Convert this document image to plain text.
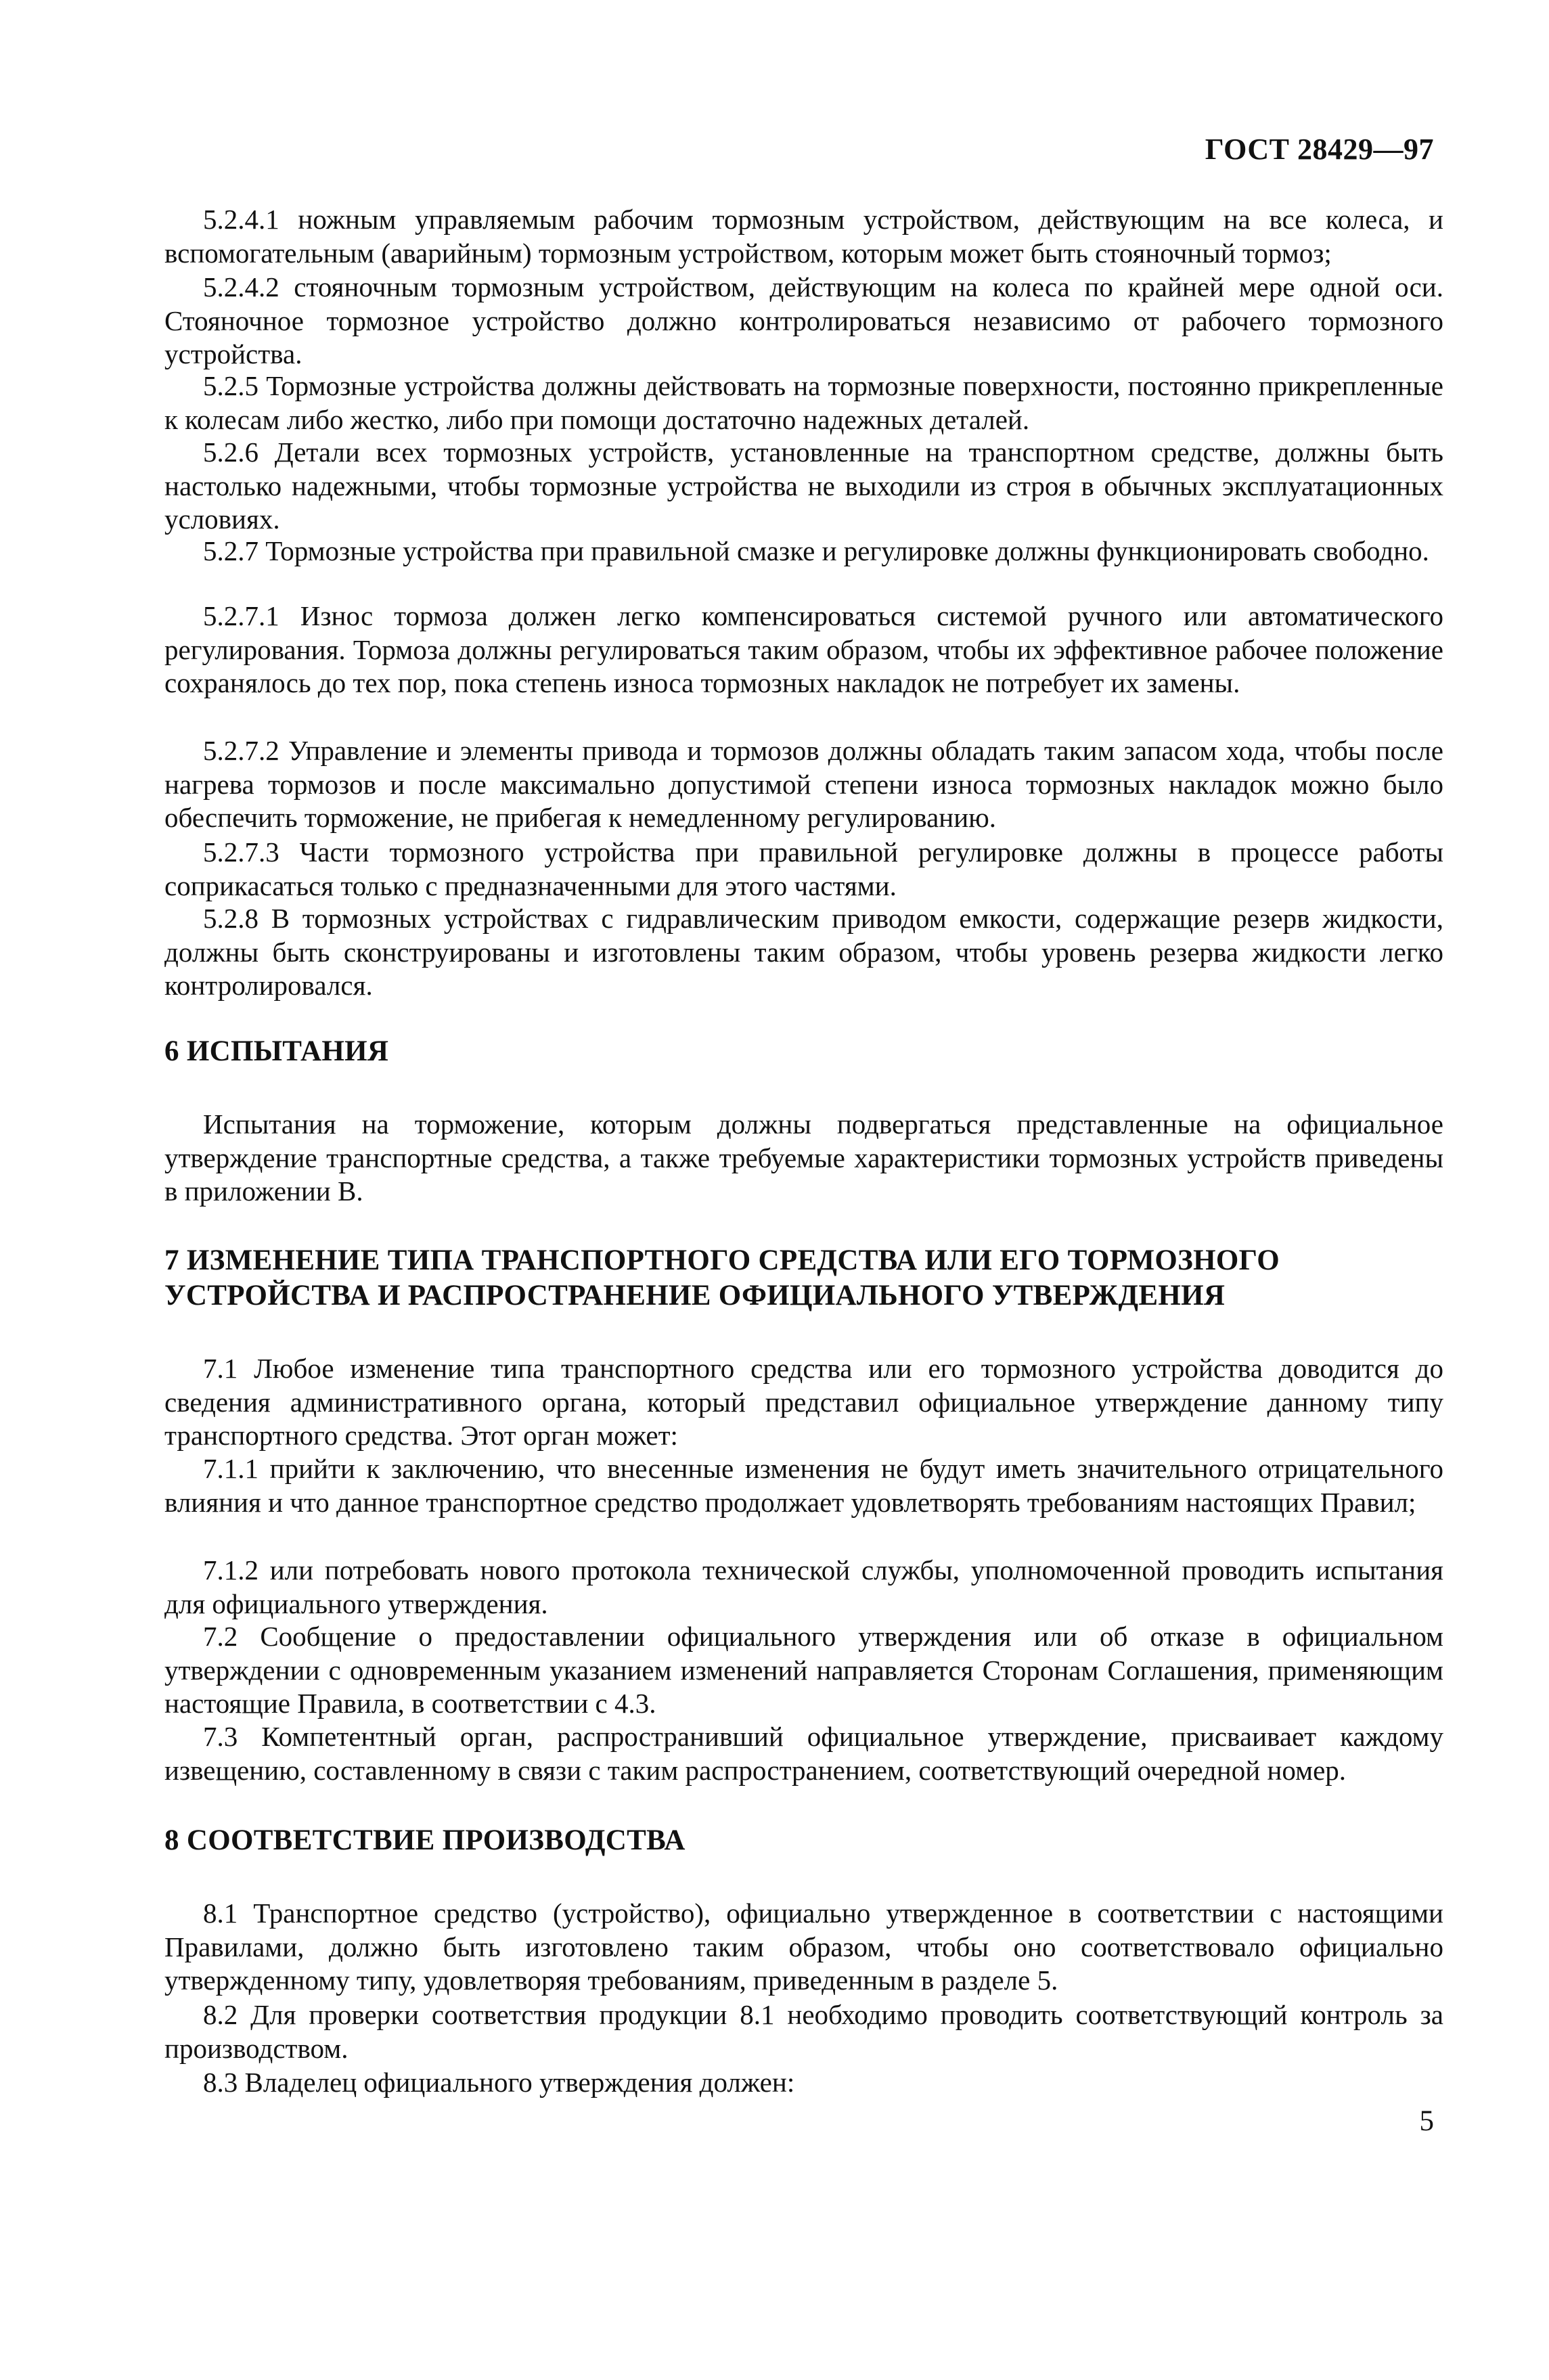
ГОСТ 28429—97
5.2.4.1 ножным управляемым рабочим тормозным устройством, действующим на все колеса, и вспомогательным (аварийным) тормозным устройством, которым может быть стояночный тормоз;
5.2.4.2 стояночным тормозным устройством, действующим на колеса по крайней мере одной оси. Стояночное тормозное устройство должно контролироваться независимо от рабочего тормозного устройства.
5.2.5 Тормозные устройства должны действовать на тормозные поверхности, постоянно прикрепленные к колесам либо жестко, либо при помощи достаточно надежных деталей.
5.2.6 Детали всех тормозных устройств, установленные на транспортном средстве, должны быть настолько надежными, чтобы тормозные устройства не выходили из строя в обычных эксплуатационных условиях.
5.2.7 Тормозные устройства при правильной смазке и регулировке должны функционировать свободно.
5.2.7.1 Износ тормоза должен легко компенсироваться системой ручного или автоматического регулирования. Тормоза должны регулироваться таким образом, чтобы их эффективное рабочее положение сохранялось до тех пор, пока степень износа тормозных накладок не потребует их замены.
5.2.7.2 Управление и элементы привода и тормозов должны обладать таким запасом хода, чтобы после нагрева тормозов и после максимально допустимой степени износа тормозных накладок можно было обеспечить торможение, не прибегая к немедленному регулированию.
5.2.7.3 Части тормозного устройства при правильной регулировке должны в процессе работы соприкасаться только с предназначенными для этого частями.
5.2.8 В тормозных устройствах с гидравлическим приводом емкости, содержащие резерв жидкости, должны быть сконструированы и изготовлены таким образом, чтобы уровень резерва жидкости легко контролировался.
6 ИСПЫТАНИЯ
Испытания на торможение, которым должны подвергаться представленные на официальное утверждение транспортные средства, а также требуемые характеристики тормозных устройств приведены в приложении В.
7 ИЗМЕНЕНИЕ ТИПА ТРАНСПОРТНОГО СРЕДСТВА ИЛИ ЕГО ТОРМОЗНОГО УСТРОЙСТВА И РАСПРОСТРАНЕНИЕ ОФИЦИАЛЬНОГО УТВЕРЖДЕНИЯ
7.1 Любое изменение типа транспортного средства или его тормозного устройства доводится до сведения административного органа, который представил официальное утверждение данному типу транспортного средства. Этот орган может:
7.1.1 прийти к заключению, что внесенные изменения не будут иметь значительного отрицательного влияния и что данное транспортное средство продолжает удовлетворять требованиям настоящих Правил;
7.1.2 или потребовать нового протокола технической службы, уполномоченной проводить испытания для официального утверждения.
7.2 Сообщение о предоставлении официального утверждения или об отказе в официальном утверждении с одновременным указанием изменений направляется Сторонам Соглашения, применяющим настоящие Правила, в соответствии с 4.3.
7.3 Компетентный орган, распространивший официальное утверждение, присваивает каждому извещению, составленному в связи с таким распространением, соответствующий очередной номер.
8 СООТВЕТСТВИЕ ПРОИЗВОДСТВА
8.1 Транспортное средство (устройство), официально утвержденное в соответствии с настоящими Правилами, должно быть изготовлено таким образом, чтобы оно соответствовало официально утвержденному типу, удовлетворяя требованиям, приведенным в разделе 5.
8.2 Для проверки соответствия продукции 8.1 необходимо проводить соответствующий контроль за производством.
8.3 Владелец официального утверждения должен:
5
